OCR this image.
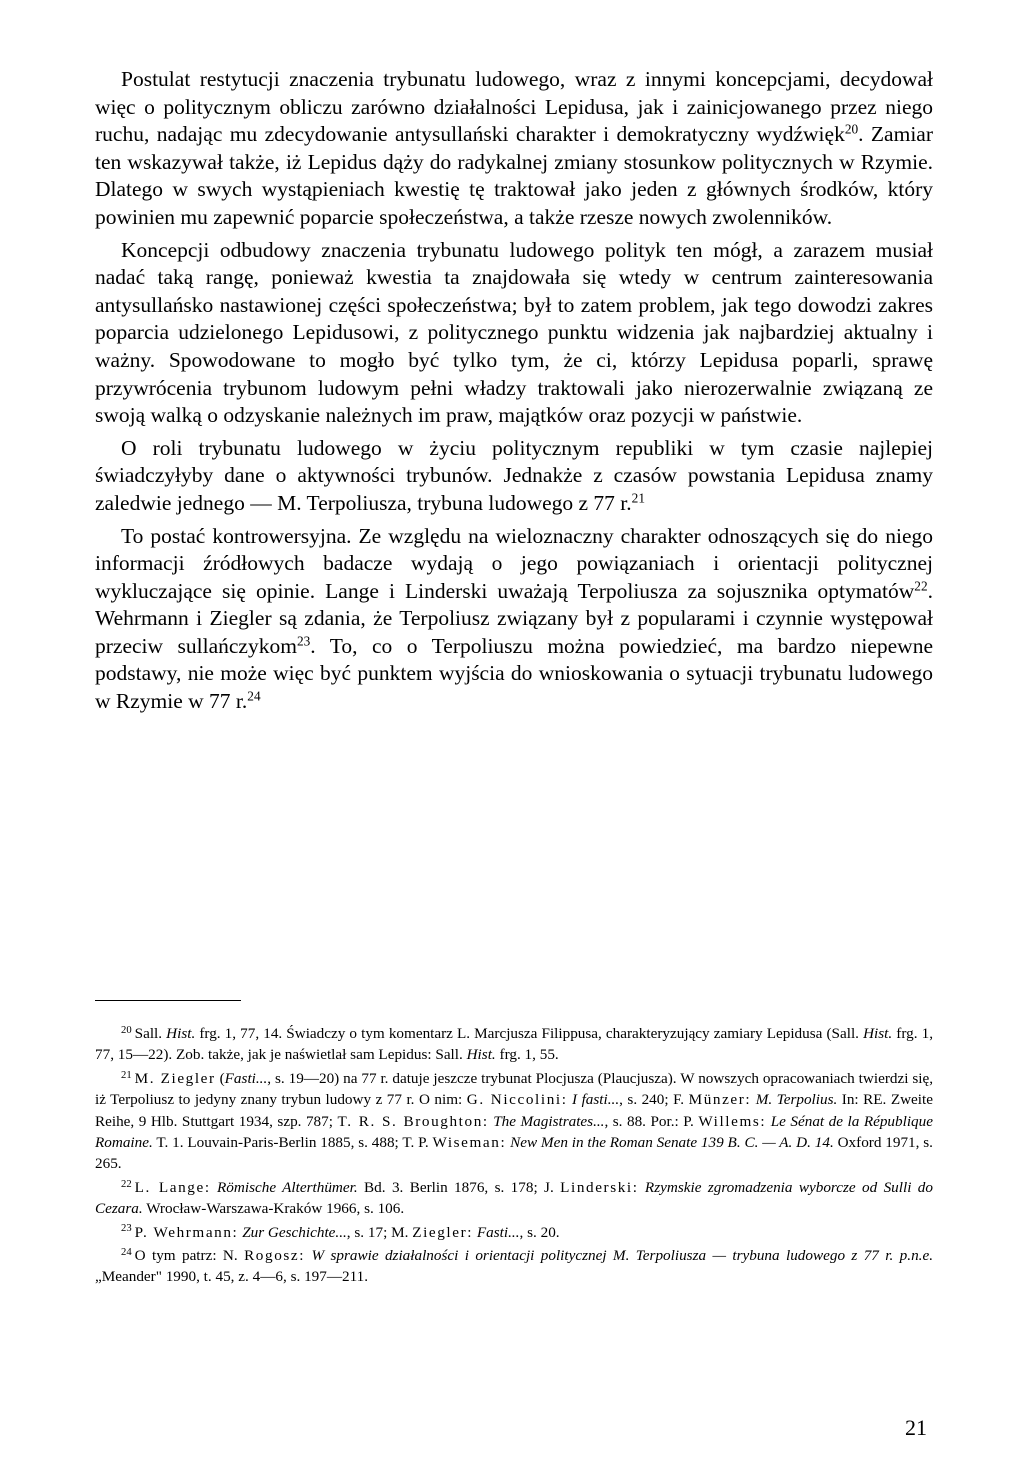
Postulat restytucji znaczenia trybunatu ludowego, wraz z innymi koncepcjami, decydował więc o politycznym obliczu zarówno działalności Lepidusa, jak i zainicjowanego przez niego ruchu, nadając mu zdecydowanie antysullański charakter i demokratyczny wydźwięk$^{20}$. Zamiar ten wskazywał także, iż Lepidus dąży do radykalnej zmiany stosunkow politycznych w Rzymie. Dlatego w swych wystąpieniach kwestię tę traktował jako jeden z głównych środków, który powinien mu zapewnić poparcie społeczeństwa, a także rzesze nowych zwolenników.

Koncepcji odbudowy znaczenia trybunatu ludowego polityk ten mógł, a zarazem musiał nadać taką rangę, ponieważ kwestia ta znajdowała się wtedy w centrum zainteresowania antysullańsko nastawionej części społeczeństwa; był to zatem problem, jak tego dowodzi zakres poparcia udzielonego Lepidusowi, z politycznego punktu widzenia jak najbardziej aktualny i ważny. Spowodowane to mogło być tylko tym, że ci, którzy Lepidusa poparli, sprawę przywrócenia trybunom ludowym pełni władzy traktowali jako nierozerwalnie związaną ze swoją walką o odzyskanie należnych im praw, majątków oraz pozycji w państwie.

O roli trybunatu ludowego w życiu politycznym republiki w tym czasie najlepiej świadczyłyby dane o aktywności trybunów. Jednakże z czasów powstania Lepidusa znamy zaledwie jednego — M. Terpoliusza, trybuna ludowego z 77 r.$^{21}$

To postać kontrowersyjna. Ze względu na wieloznaczny charakter odnoszących się do niego informacji źródłowych badacze wydają o jego powiązaniach i orientacji politycznej wykluczające się opinie. Lange i Linderski uważają Terpoliusza za sojusznika optymatów$^{22}$. Wehrmann i Ziegler są zdania, że Terpoliusz związany był z popularami i czynnie występował przeciw sullańczykom$^{23}$. To, co o Terpoliuszu można powiedzieć, ma bardzo niepewne podstawy, nie może więc być punktem wyjścia do wnioskowania o sytuacji trybunatu ludowego w Rzymie w 77 r.$^{24}$

$^{20}$ Sall. Hist. frg. 1, 77, 14. Świadczy o tym komentarz L. Marcjusza Filippusa, charakteryzujący zamiary Lepidusa (Sall. Hist. frg. 1, 77, 15—22). Zob. także, jak je naświetlał sam Lepidus: Sall. Hist. frg. 1, 55.

$^{21}$ M. Ziegler (Fasti..., s. 19—20) na 77 r. datuje jeszcze trybunat Plocjusza (Plaucjusza). W nowszych opracowaniach twierdzi się, iż Terpoliusz to jedyny znany trybun ludowy z 77 r. O nim: G. Niccolini: I fasti..., s. 240; F. Münzer: M. Terpolius. In: RE. Zweite Reihe, 9 Hlb. Stuttgart 1934, szp. 787; T. R. S. Broughton: The Magistrates..., s. 88. Por.: P. Willems: Le Sénat de la République Romaine. T. 1. Louvain-Paris-Berlin 1885, s. 488; T. P. Wiseman: New Men in the Roman Senate 139 B. C. — A. D. 14. Oxford 1971, s. 265.

$^{22}$ L. Lange: Römische Alterthümer. Bd. 3. Berlin 1876, s. 178; J. Linderski: Rzymskie zgromadzenia wyborcze od Sulli do Cezara. Wrocław-Warszawa-Kraków 1966, s. 106.

$^{23}$ P. Wehrmann: Zur Geschichte..., s. 17; M. Ziegler: Fasti..., s. 20.

$^{24}$ O tym patrz: N. Rogosz: W sprawie działalności i orientacji politycznej M. Terpoliusza — trybuna ludowego z 77 r. p.n.e. „Meander" 1990, t. 45, z. 4—6, s. 197—211.

21
